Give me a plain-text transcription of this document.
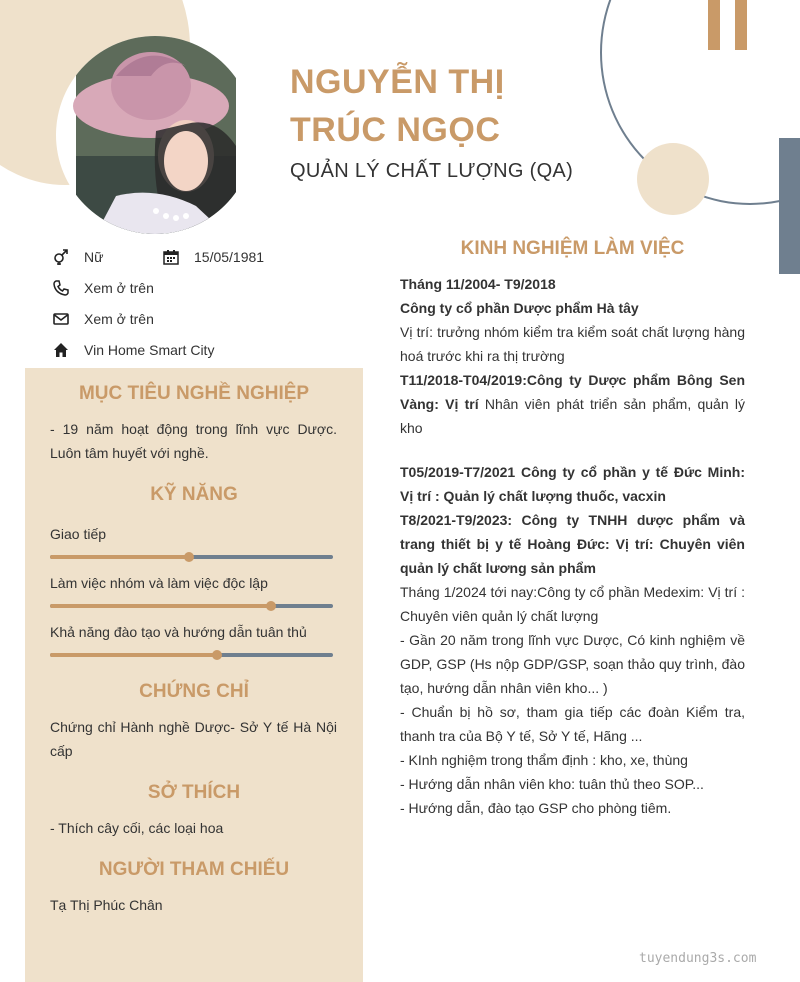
NGUYỄN THỊ
TRÚC NGỌC
QUẢN LÝ CHẤT LƯỢNG (QA)
Nữ	15/05/1981
Xem ở trên
Xem ở trên
Vin Home Smart City
MỤC TIÊU NGHỀ NGHIỆP
- 19 năm hoạt động trong lĩnh vực Dược. Luôn tâm huyết với nghề.
KỸ NĂNG
Giao tiếp
Làm việc nhóm và làm việc độc lập
Khả năng đào tạo và hướng dẫn tuân thủ
CHỨNG CHỈ
Chứng chỉ Hành nghề Dược- Sở Y tế Hà Nội cấp
SỞ THÍCH
- Thích cây cối, các loại hoa
NGƯỜI THAM CHIẾU
Tạ Thị Phúc Chân
KINH NGHIỆM LÀM VIỆC

Tháng 11/2004- T9/2018

Công ty cổ phần Dược phẩm Hà tây

Vị trí: trưởng nhóm kiểm tra kiểm soát chất lượng hàng hoá trước khi ra thị trường

T11/2018-T04/2019:Công ty Dược phẩm Bông Sen Vàng: Vị trí Nhân viên phát triển sản phẩm, quản lý kho

T05/2019-T7/2021 Công ty cổ phần y tế Đức Minh: Vị trí : Quản lý chất lượng thuốc, vacxin

T8/2021-T9/2023: Công ty TNHH dược phẩm và trang thiết bị y tế Hoàng Đức: Vị trí: Chuyên viên quản lý chất lương sản phẩm

Tháng 1/2024 tới nay:Công ty cổ phần Medexim: Vị trí : Chuyên viên quản lý chất lượng

- Gần 20 năm trong lĩnh vực Dược, Có kinh nghiệm về GDP, GSP (Hs nộp GDP/GSP, soạn thảo quy trình, đào tạo, hướng dẫn nhân viên kho... )

- Chuẩn bị hồ sơ, tham gia tiếp các đoàn Kiểm tra, thanh tra của Bộ Y tế, Sở Y tế, Hãng ...

- KInh nghiệm trong thẩm định : kho, xe, thùng

- Hướng dẫn nhân viên kho: tuân thủ theo SOP...

- Hướng dẫn, đào tạo GSP cho phòng tiêm.

tuyendung3s.com
